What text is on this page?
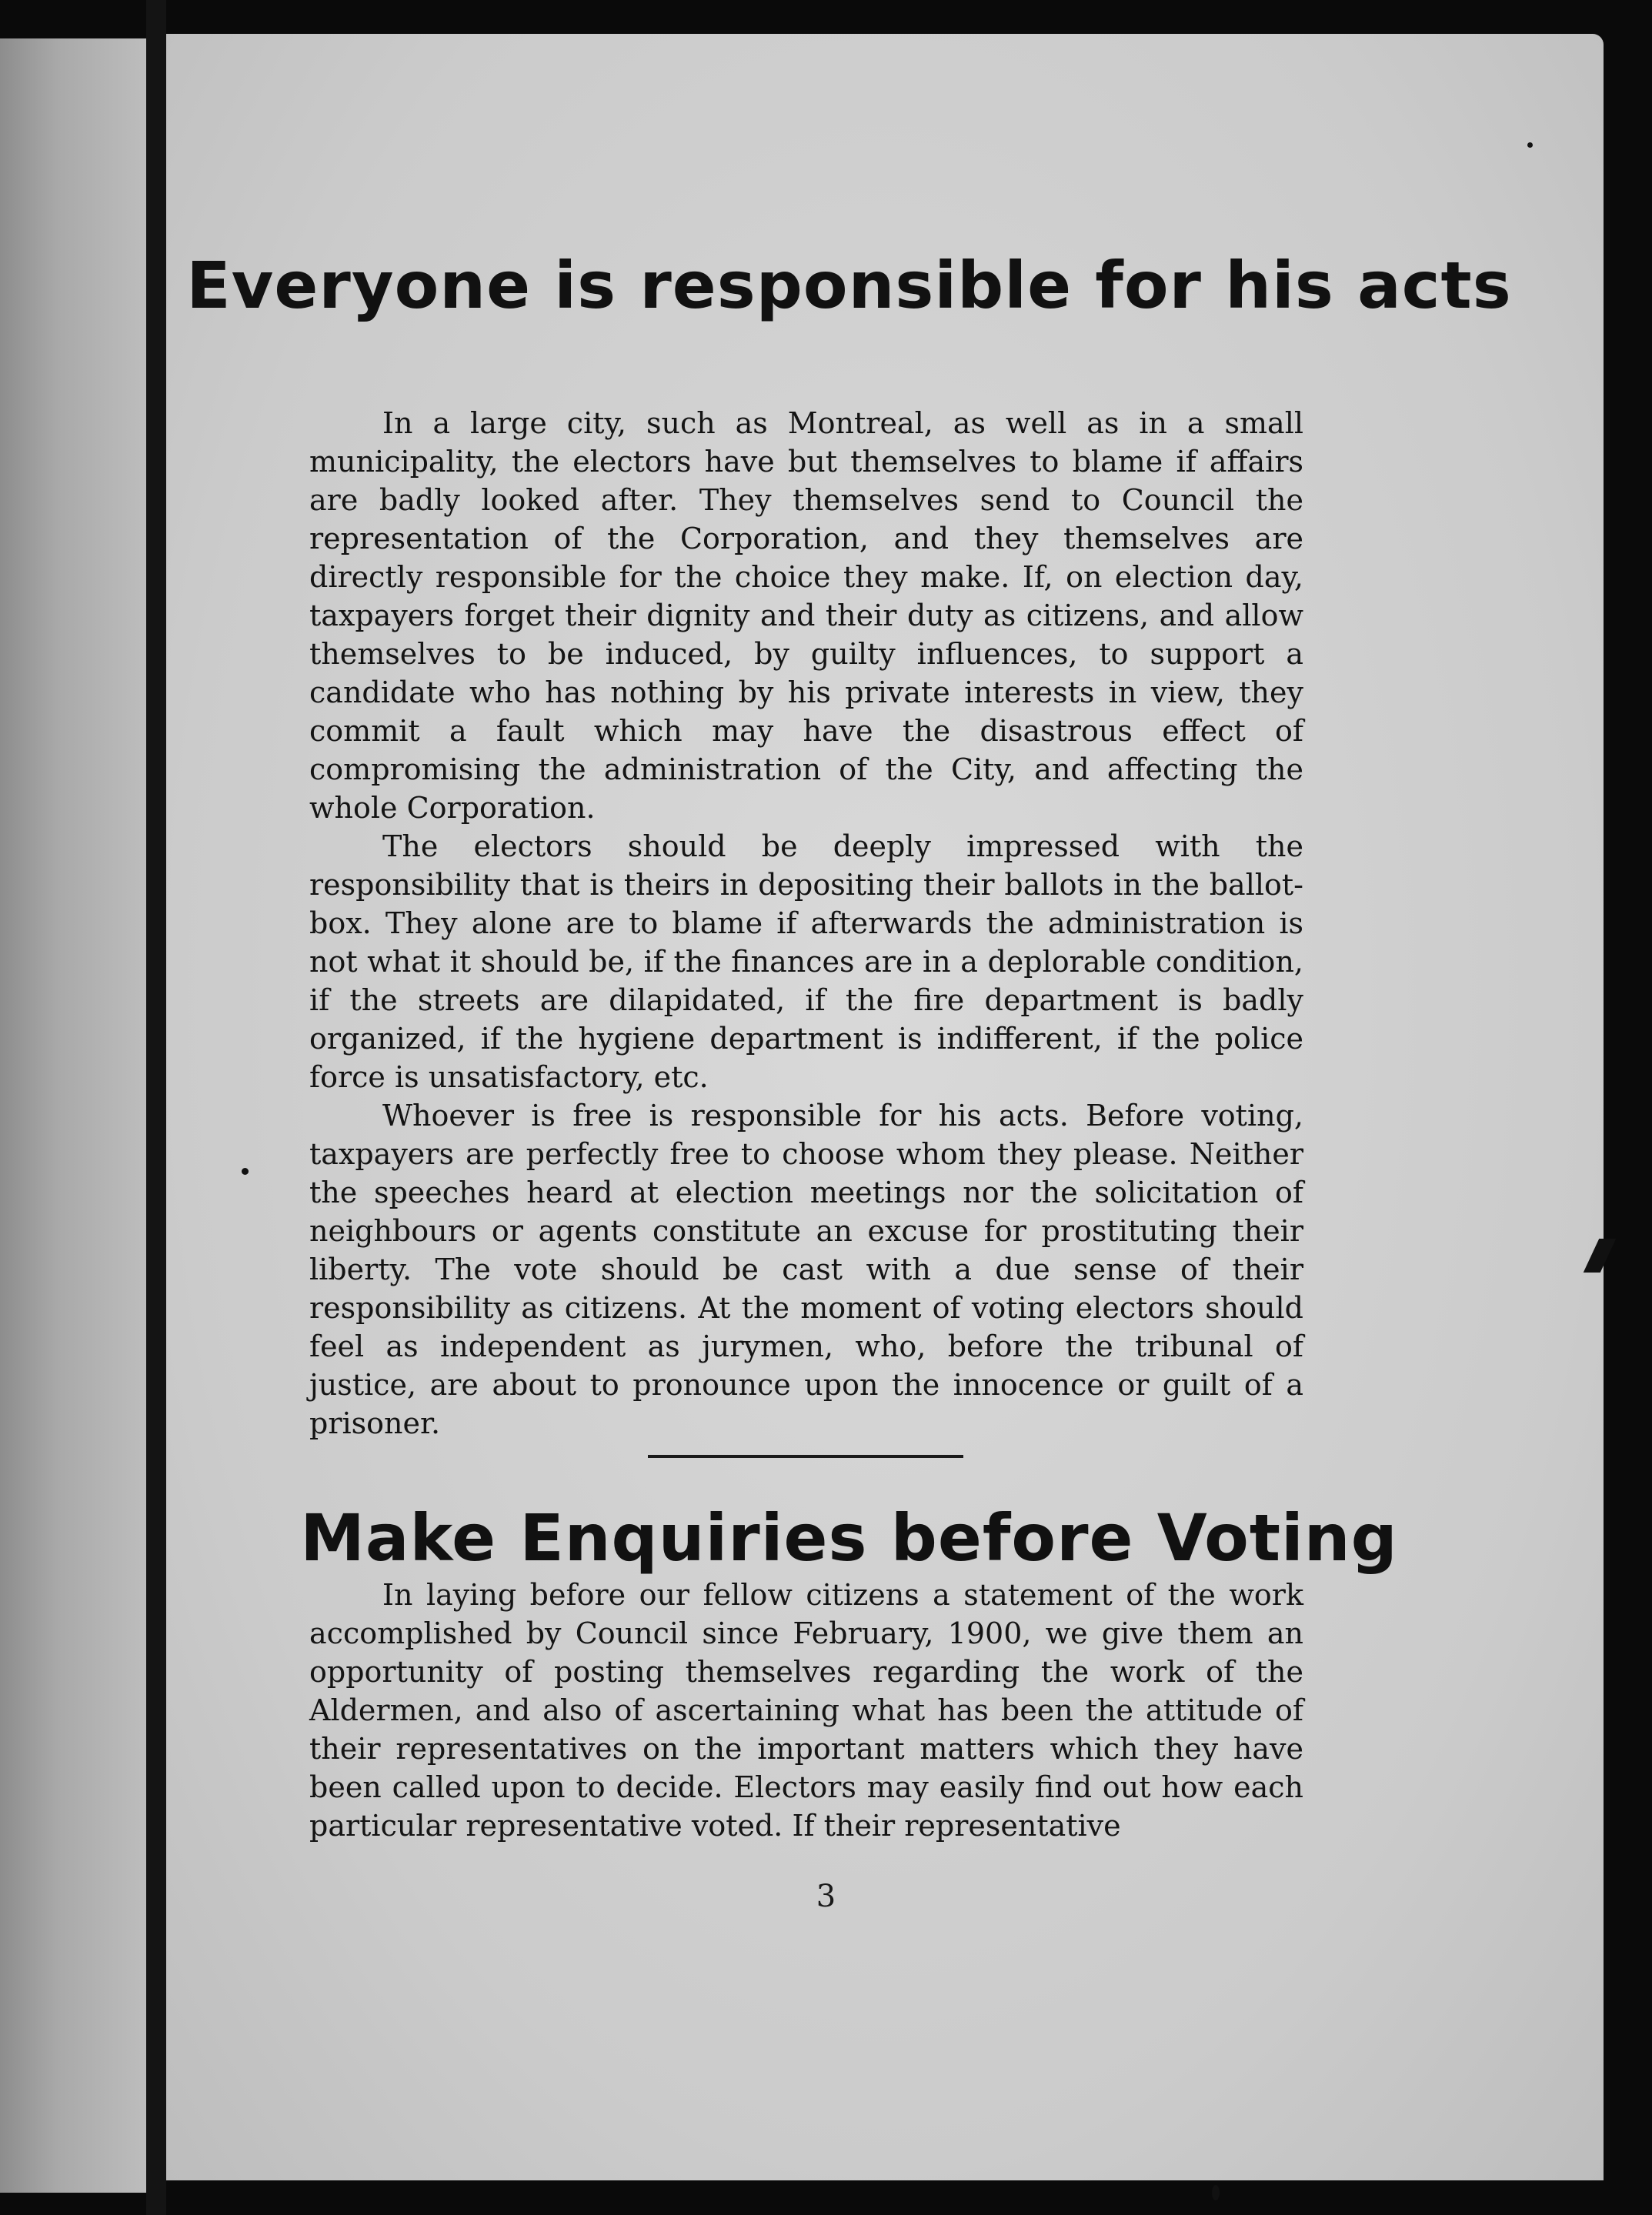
Everyone is responsible for his acts

In a large city, such as Montreal, as well as in a small municipality, the electors have but themselves to blame if affairs are badly looked after. They themselves send to Council the representation of the Corporation, and they themselves are directly responsible for the choice they make. If, on election day, taxpayers forget their dignity and their duty as citizens, and allow themselves to be induced, by guilty influences, to support a candidate who has nothing by his private interests in view, they commit a fault which may have the disastrous effect of compromising the administration of the City, and affecting the whole Corporation.

The electors should be deeply impressed with the responsibility that is theirs in depositing their ballots in the ballot-box. They alone are to blame if afterwards the administration is not what it should be, if the finances are in a deplorable condition, if the streets are dilapidated, if the fire department is badly organized, if the hygiene department is indifferent, if the police force is unsatisfactory, etc.

Whoever is free is responsible for his acts. Before voting, taxpayers are perfectly free to choose whom they please. Neither the speeches heard at election meetings nor the solicitation of neighbours or agents constitute an excuse for prostituting their liberty. The vote should be cast with a due sense of their responsibility as citizens. At the moment of voting electors should feel as independent as jurymen, who, before the tribunal of justice, are about to pronounce upon the innocence or guilt of a prisoner.

Make Enquiries before Voting

In laying before our fellow citizens a statement of the work accomplished by Council since February, 1900, we give them an opportunity of posting themselves regarding the work of the Aldermen, and also of ascertaining what has been the attitude of their representatives on the important matters which they have been called upon to decide. Electors may easily find out how each particular representative voted. If their representative

3
